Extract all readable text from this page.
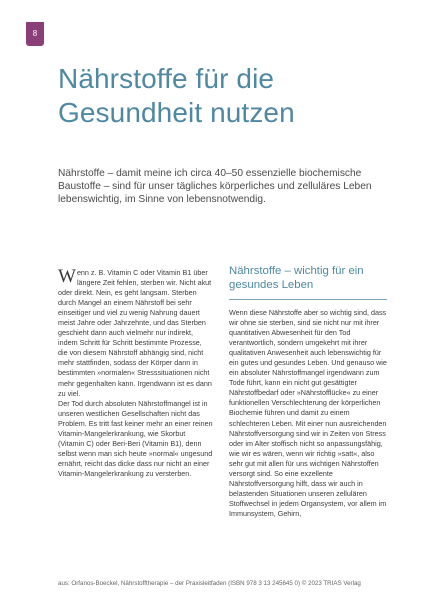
8
Nährstoffe für die
Gesundheit nutzen

Nährstoffe – damit meine ich circa 40–50 essenzielle biochemische Baustoffe – sind für unser tägliches körperliches und zelluläres Leben lebenswichtig, im Sinne von lebensnotwendig.

Wenn z. B. Vitamin C oder Vitamin B1 über längere Zeit fehlen, sterben wir. Nicht akut oder direkt. Nein, es geht langsam. Sterben durch Mangel an einem Nährstoff bei sehr einseitiger und viel zu wenig Nahrung dauert meist Jahre oder Jahrzehnte, und das Sterben geschieht dann auch vielmehr nur indirekt, indem Schritt für Schritt bestimmte Prozesse, die von diesem Nährstoff abhängig sind, nicht mehr stattfinden, sodass der Körper dann in bestimmten »normalen« Stresssituationen nicht mehr gegenhalten kann. Irgendwann ist es dann zu viel.

Der Tod durch absoluten Nährstoffmangel ist in unseren westlichen Gesellschaften nicht das Problem. Es tritt fast keiner mehr an einer reinen Vitamin-Mangelerkrankung, wie Skorbut (Vitamin C) oder Beri-Beri (Vitamin B1), denn selbst wenn man sich heute »normal« ungesund ernährt, reicht das dicke dass nur nicht an einer Vitamin-Mangelerkrankung zu versterben.

Nährstoffe – wichtig für ein gesundes Leben

Wenn diese Nährstoffe aber so wichtig sind, dass wir ohne sie sterben, sind sie nicht nur mit ihrer quantitativen Abwesenheit für den Tod verantwortlich, sondern umgekehrt mit ihrer qualitativen Anwesenheit auch lebenswichtig für ein gutes und gesundes Leben. Und genauso wie ein absoluter Nährstoffmangel irgendwann zum Tode führt, kann ein nicht gut gesättigter Nährstoffbedarf oder »Nährstofflücke« zu einer funktionellen Verschlechterung der körperlichen Biochemie führen und damit zu einem schlechteren Leben. Mit einer nun ausreichenden Nährstoffversorgung sind wir in Zeiten von Stress oder im Alter stoffisch nicht so anpassungsfähig, wie wir es wären, wenn wir richtig »satt«, also sehr gut mit allen für uns wichtigen Nährstoffen versorgt sind. So eine exzellente Nährstoffversorgung hilft, dass wir auch in belastenden Situationen unseren zellulären Stoffwechsel in jedem Organsystem, vor allem im Immunsystem, Gehirn,

aus: Orfanos-Boeckel, Nährstofftherapie – der Praxisleitfaden (ISBN 978 3 13 245645 0) © 2023 TRIAS Verlag
